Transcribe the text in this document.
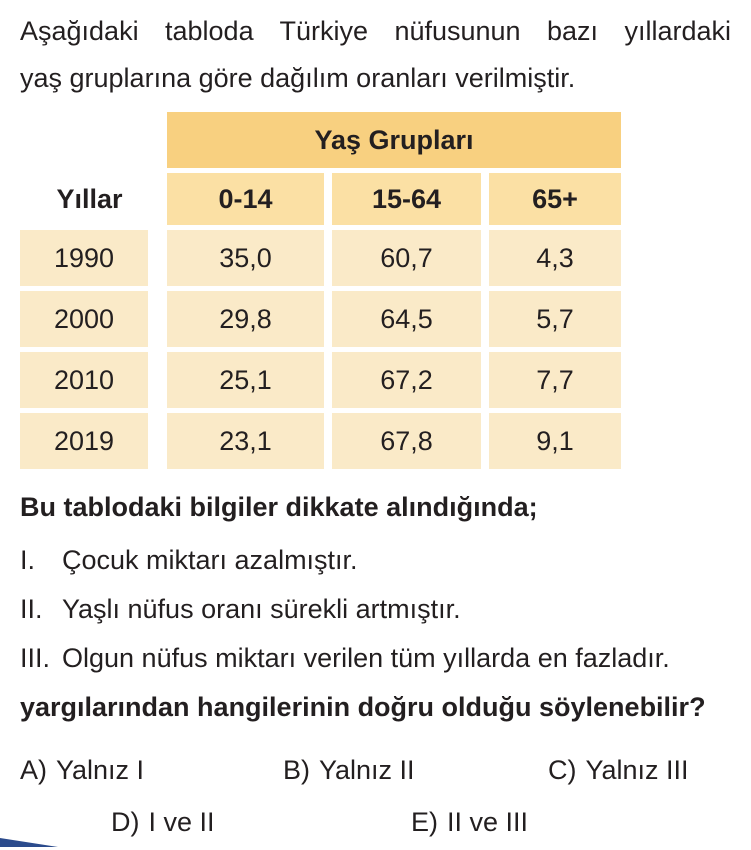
Aşağıdaki tabloda Türkiye nüfusunun bazı yıllardaki
yaş gruplarına göre dağılım oranları verilmiştir.

Yaş Grupları
Yıllar	0-14	15-64	65+
1990	35,0	60,7	4,3
2000	29,8	64,5	5,7
2010	25,1	67,2	7,7
2019	23,1	67,8	9,1

Bu tablodaki bilgiler dikkate alındığında;

I. Çocuk miktarı azalmıştır.
II. Yaşlı nüfus oranı sürekli artmıştır.
III. Olgun nüfus miktarı verilen tüm yıllarda en fazladır.

yargılarından hangilerinin doğru olduğu söylenebilir?

A) Yalnız I	B) Yalnız II	C) Yalnız III
D) I ve II	E) II ve III
